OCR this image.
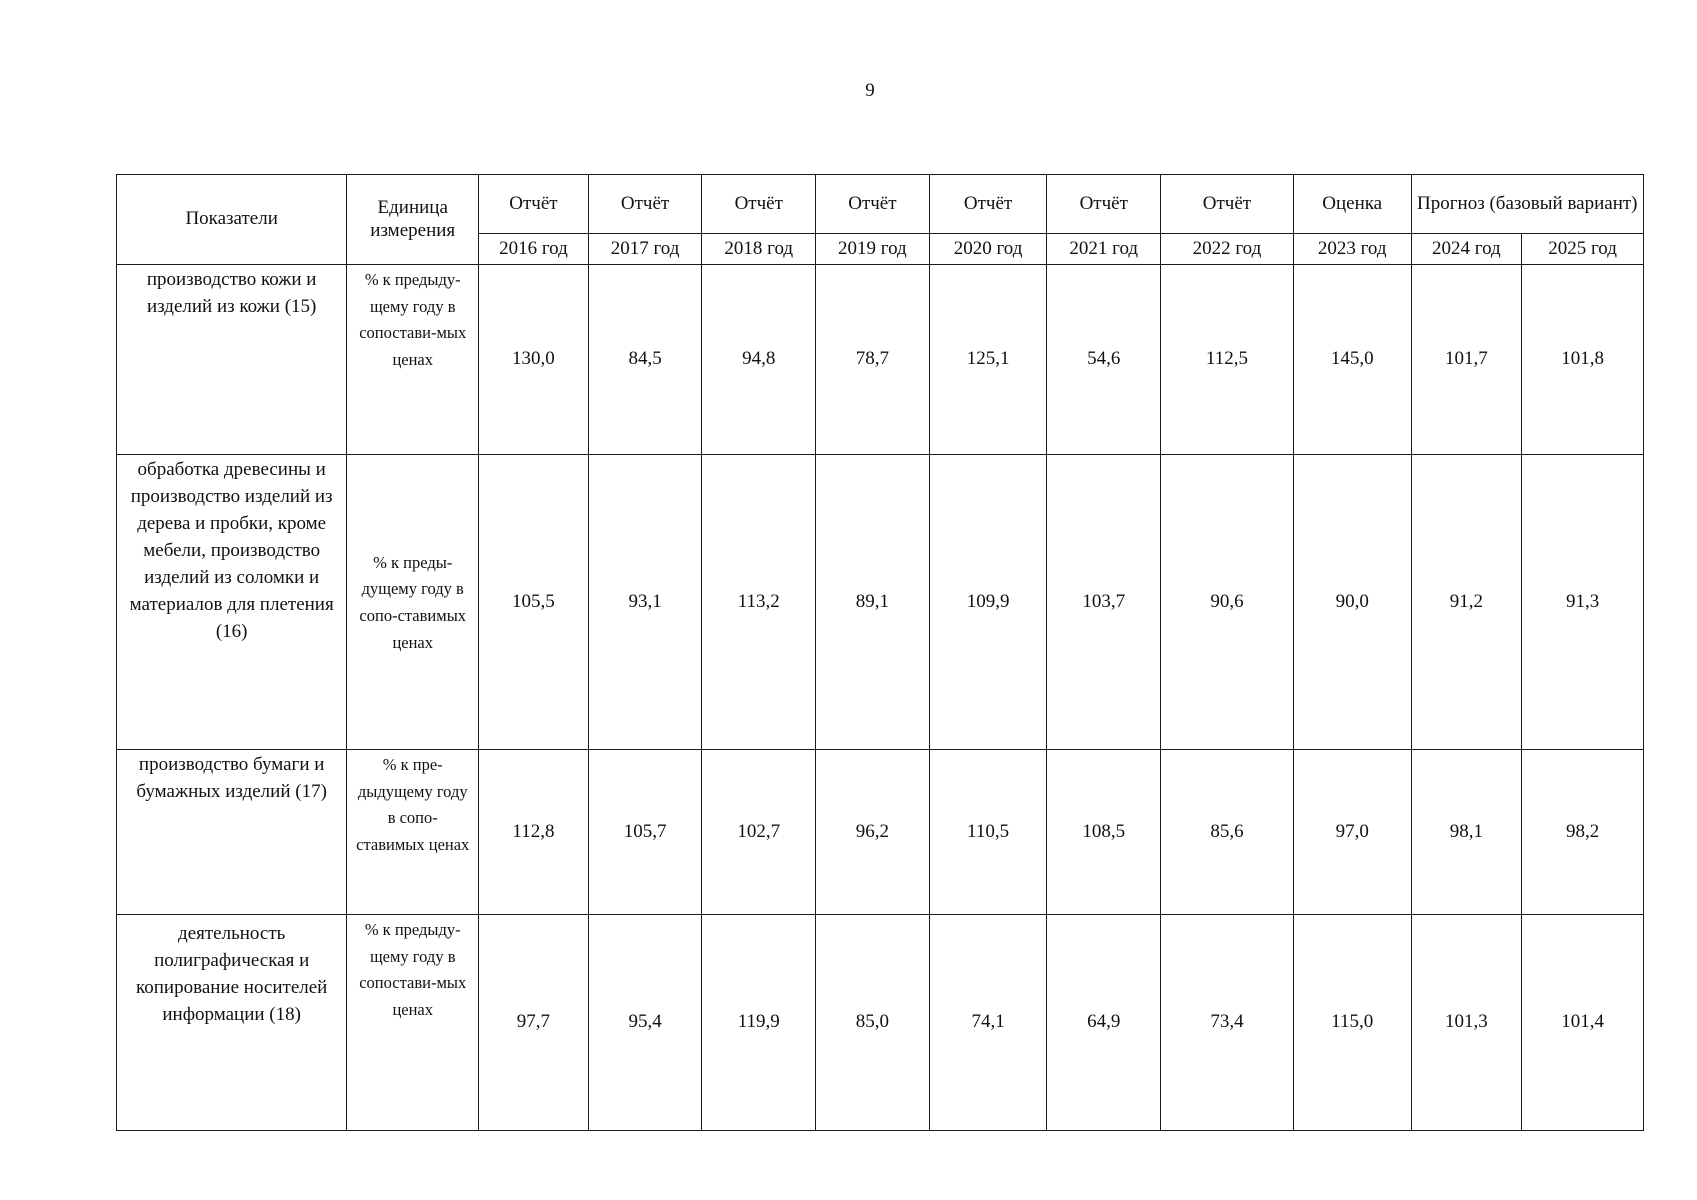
9
Показатели	Единица измерения	Отчёт	Отчёт	Отчёт	Отчёт	Отчёт	Отчёт	Отчёт	Оценка	Прогноз (базовый вариант)	
		2016 год	2017 год	2018 год	2019 год	2020 год	2021 год	2022 год	2023 год	2024 год	2025 год
производство кожи и изделий из кожи (15)	% к предыду-щему году в сопостави-мых ценах	130,0	84,5	94,8	78,7	125,1	54,6	112,5	145,0	101,7	101,8
обработка древесины и производство изделий из дерева и пробки, кроме мебели, производство изделий из соломки и материалов для плетения (16)	% к преды-дущему году в сопо-ставимых ценах	105,5	93,1	113,2	89,1	109,9	103,7	90,6	90,0	91,2	91,3
производство бумаги и бумажных изделий (17)	% к пре-дыдущему году в сопо-ставимых ценах	112,8	105,7	102,7	96,2	110,5	108,5	85,6	97,0	98,1	98,2
деятельность полиграфическая и копирование носителей информации (18)	% к предыду-щему году в сопостави-мых ценах	97,7	95,4	119,9	85,0	74,1	64,9	73,4	115,0	101,3	101,4
